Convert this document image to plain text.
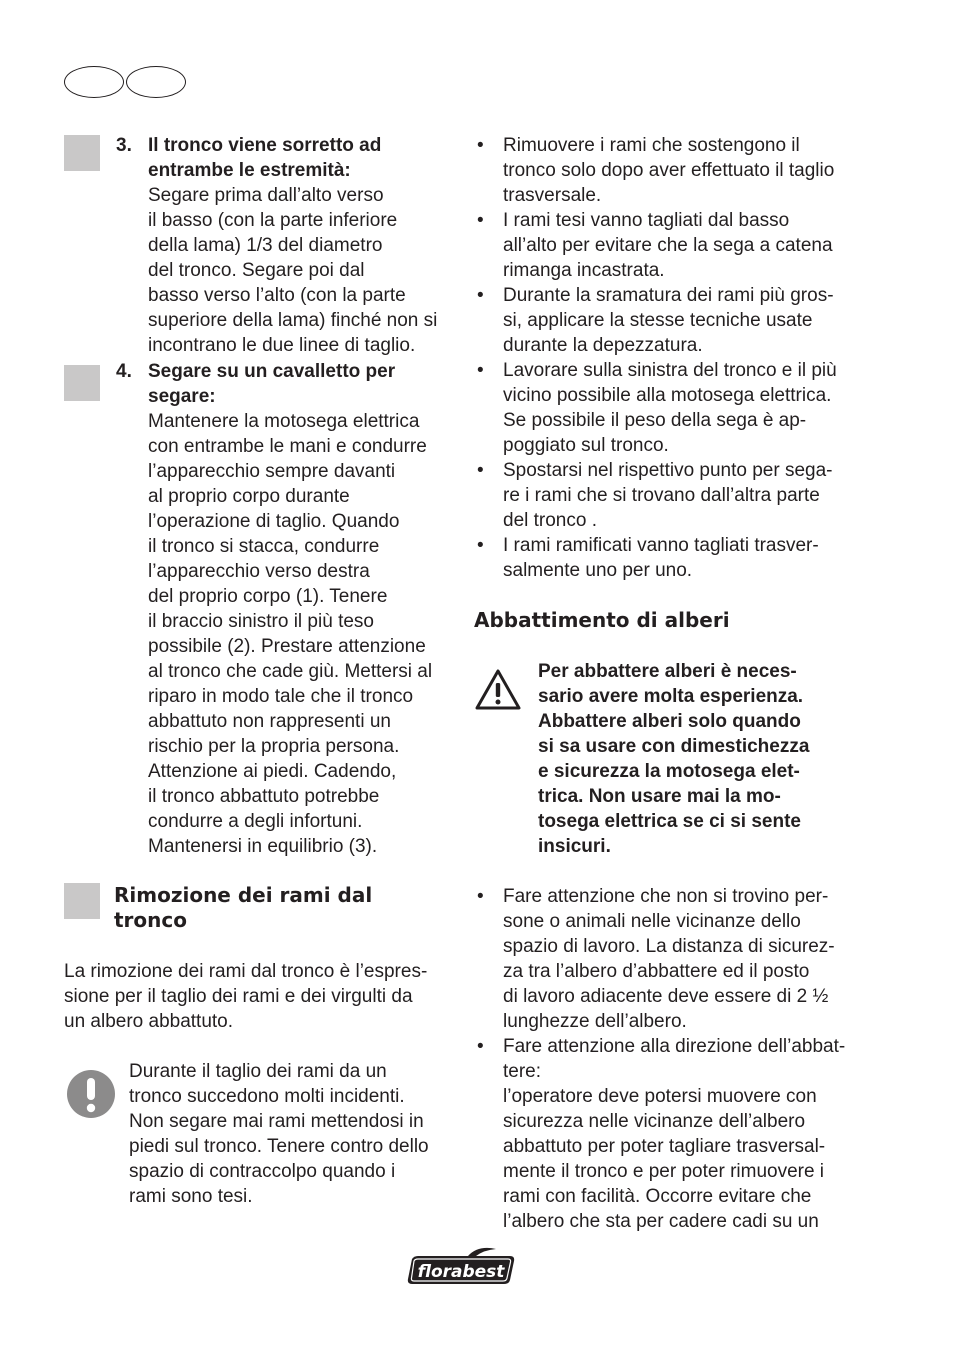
3. Il tronco viene sorretto ad
entrambe le estremità:
Segare prima dall’alto verso
il basso (con la parte inferiore
della lama) 1/3 del diametro
del tronco. Segare poi dal
basso verso l’alto (con la parte
superiore della lama) finché non si
incontrano le due linee di taglio.
4. Segare su un cavalletto per
segare:
Mantenere la motosega elettrica
con entrambe le mani e condurre
l’apparecchio sempre davanti
al proprio corpo durante
l’operazione di taglio. Quando
il tronco si stacca, condurre
l’apparecchio verso destra
del proprio corpo (1). Tenere
il braccio sinistro il più teso
possibile (2). Prestare attenzione
al tronco che cade giù. Mettersi al
riparo in modo tale che il tronco
abbattuto non rappresenti un
rischio per la propria persona.
Attenzione ai piedi. Cadendo,
il tronco abbattuto potrebbe
condurre a degli infortuni.
Mantenersi in equilibrio (3).
Rimozione dei rami dal
tronco
La rimozione dei rami dal tronco è l’espres-
sione per il taglio dei rami e dei virgulti da
un albero abbattuto.
Durante il taglio dei rami da un
tronco succedono molti incidenti.
Non segare mai rami mettendosi in
piedi sul tronco. Tenere contro dello
spazio di contraccolpo quando i
rami sono tesi.
• Rimuovere i rami che sostengono il
tronco solo dopo aver effettuato il taglio
trasversale.
• I rami tesi vanno tagliati dal basso
all’alto per evitare che la sega a catena
rimanga incastrata.
• Durante la sramatura dei rami più gros-
si, applicare la stesse tecniche usate
durante la depezzatura.
• Lavorare sulla sinistra del tronco e il più
vicino possibile alla motosega elettrica.
Se possibile il peso della sega è ap-
poggiato sul tronco.
• Spostarsi nel rispettivo punto per sega-
re i rami che si trovano dall’altra parte
del tronco .
• I rami ramificati vanno tagliati trasver-
salmente uno per uno.
Abbattimento di alberi
Per abbattere alberi è neces-
sario avere molta esperienza.
Abbattere alberi solo quando
si sa usare con dimestichezza
e sicurezza la motosega elet-
trica. Non usare mai la mo-
tosega elettrica se ci si sente
insicuri.
• Fare attenzione che non si trovino per-
sone o animali nelle vicinanze dello
spazio di lavoro. La distanza di sicurez-
za tra l’albero d’abbattere ed il posto
di lavoro adiacente deve essere di 2 ½
lunghezze dell’albero.
• Fare attenzione alla direzione dell’abbat-
tere:
l’operatore deve potersi muovere con
sicurezza nelle vicinanze dell’albero
abbattuto per poter tagliare trasversal-
mente il tronco e per poter rimuovere i
rami con facilità. Occorre evitare che
l’albero che sta per cadere cadi su un
florabest
